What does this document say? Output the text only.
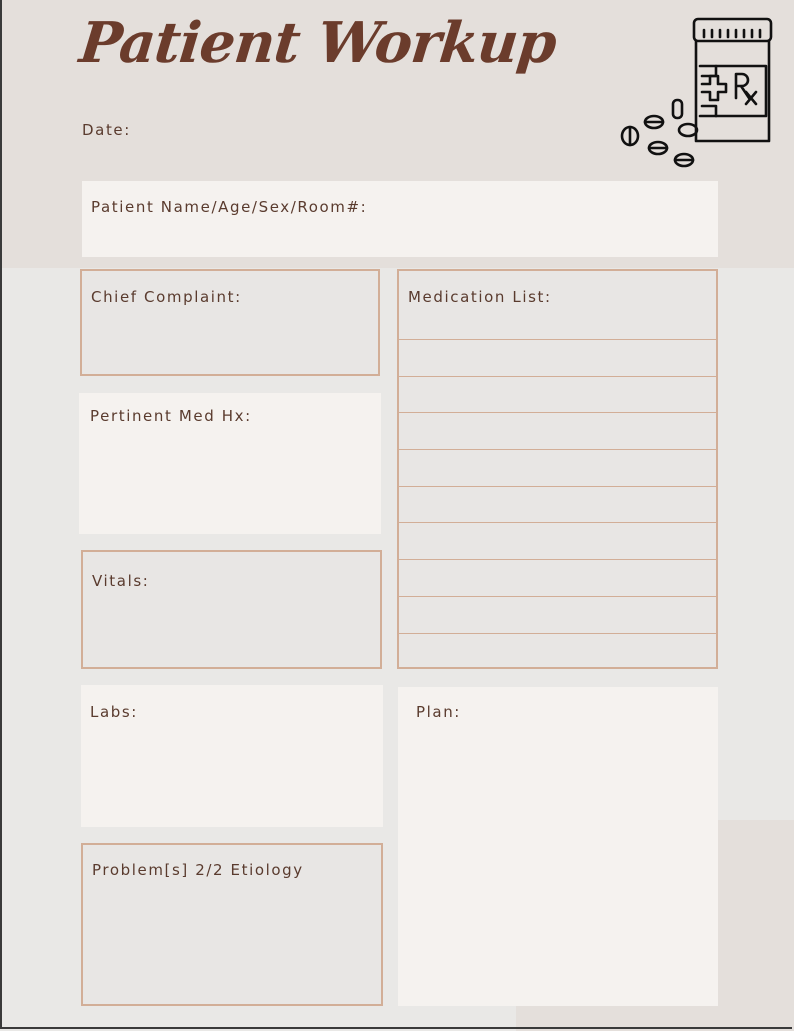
Patient Workup
Date:
Patient Name/Age/Sex/Room#:
Chief Complaint:	Medication List:
Pertinent Med Hx:
Vitals:
Labs:	Plan:
Problem[s] 2/2 Etiology
